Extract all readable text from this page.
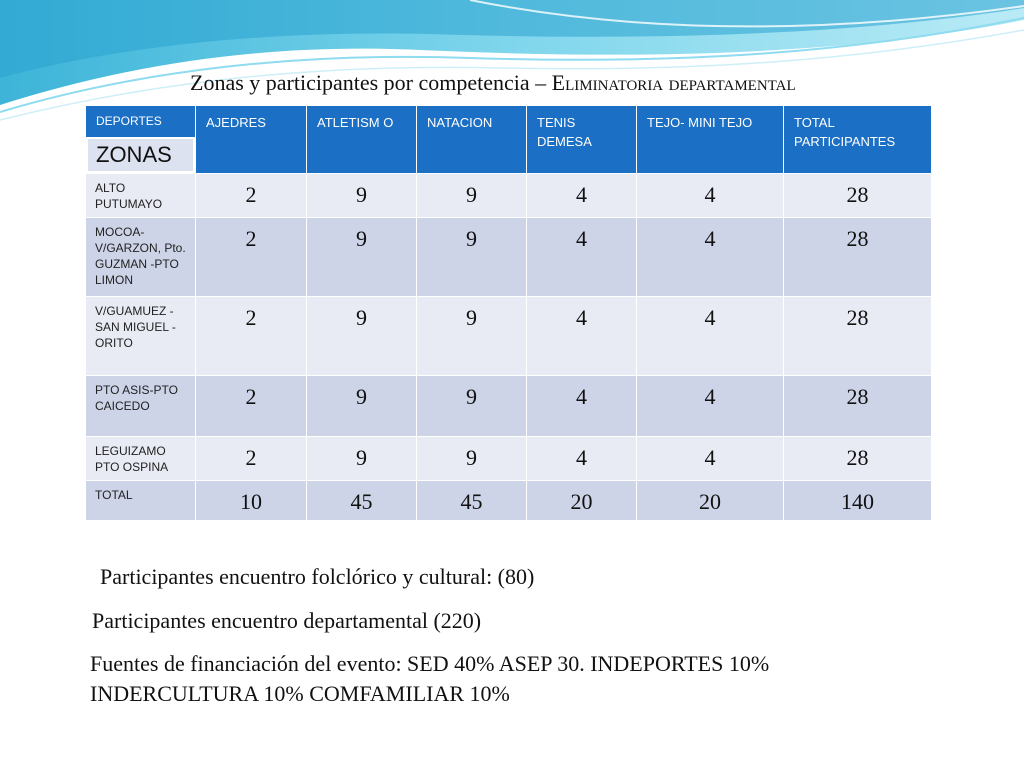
Zonas y participantes por competencia – Eliminatoria departamental
DEPORTES
ZONAS	AJEDRES	ATLETISM O	NATACION	TENIS DEMESA	TEJO- MINI TEJO	TOTAL PARTICIPANTES

ALTO PUTUMAYO	2	9	9	4	4	28
MOCOA-V/GARZON, Pto. GUZMAN -PTO LIMON	2	9	9	4	4	28
V/GUAMUEZ -SAN MIGUEL - ORITO	2	9	9	4	4	28
PTO ASIS-PTO CAICEDO	2	9	9	4	4	28
LEGUIZAMO PTO OSPINA	2	9	9	4	4	28
TOTAL	10	45	45	20	20	140
Participantes encuentro folclórico y cultural: (80)
Participantes encuentro departamental (220)
Fuentes de financiación del evento: SED 40% ASEP 30. INDEPORTES 10%
INDERCULTURA 10% COMFAMILIAR 10%
